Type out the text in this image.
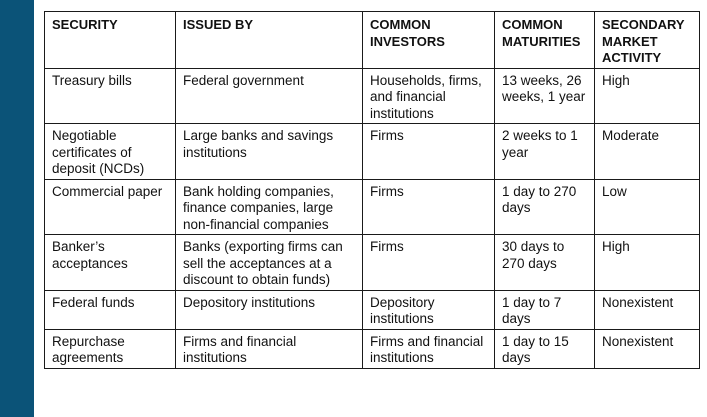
SECURITY	ISSUED BY	COMMON INVESTORS	COMMON MATURITIES	SECONDARY MARKET ACTIVITY
Treasury bills	Federal government	Households, firms, and financial institutions	13 weeks, 26 weeks, 1 year	High
Negotiable certificates of deposit (NCDs)	Large banks and savings institutions	Firms	2 weeks to 1 year	Moderate
Commercial paper	Bank holding companies, finance companies, large non-financial companies	Firms	1 day to 270 days	Low
Banker’s acceptances	Banks (exporting firms can sell the acceptances at a discount to obtain funds)	Firms	30 days to 270 days	High
Federal funds	Depository institutions	Depository institutions	1 day to 7 days	Nonexistent
Repurchase agreements	Firms and financial institutions	Firms and financial institutions	1 day to 15 days	Nonexistent
